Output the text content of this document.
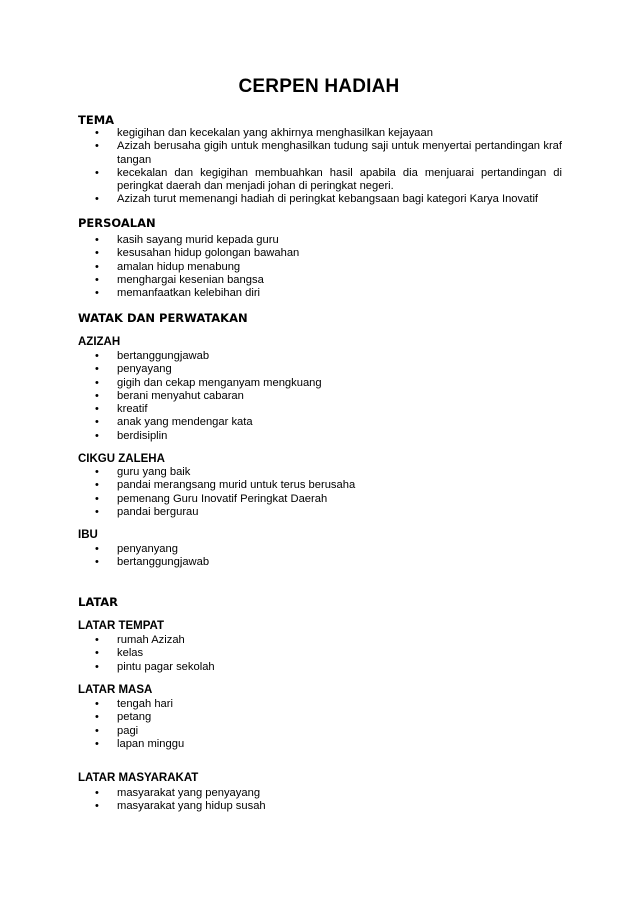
CERPEN HADIAH
TEMA
• kegigihan dan kecekalan yang akhirnya menghasilkan kejayaan
• Azizah berusaha gigih untuk menghasilkan tudung saji untuk menyertai pertandingan kraf tangan
• kecekalan dan kegigihan membuahkan hasil apabila dia menjuarai pertandingan di peringkat daerah dan menjadi johan di peringkat negeri.
• Azizah turut memenangi hadiah di peringkat kebangsaan bagi kategori Karya Inovatif
PERSOALAN
• kasih sayang murid kepada guru
• kesusahan hidup golongan bawahan
• amalan hidup menabung
• menghargai kesenian bangsa
• memanfaatkan kelebihan diri
WATAK DAN PERWATAKAN
AZIZAH
• bertanggungjawab
• penyayang
• gigih dan cekap menganyam mengkuang
• berani menyahut cabaran
• kreatif
• anak yang mendengar kata
• berdisiplin
CIKGU ZALEHA
• guru yang baik
• pandai merangsang murid untuk terus berusaha
• pemenang Guru Inovatif Peringkat Daerah
• pandai bergurau
IBU
• penyanyang
• bertanggungjawab
LATAR
LATAR TEMPAT
• rumah Azizah
• kelas
• pintu pagar sekolah
LATAR MASA
• tengah hari
• petang
• pagi
• lapan minggu
LATAR MASYARAKAT
• masyarakat yang penyayang
• masyarakat yang hidup susah
